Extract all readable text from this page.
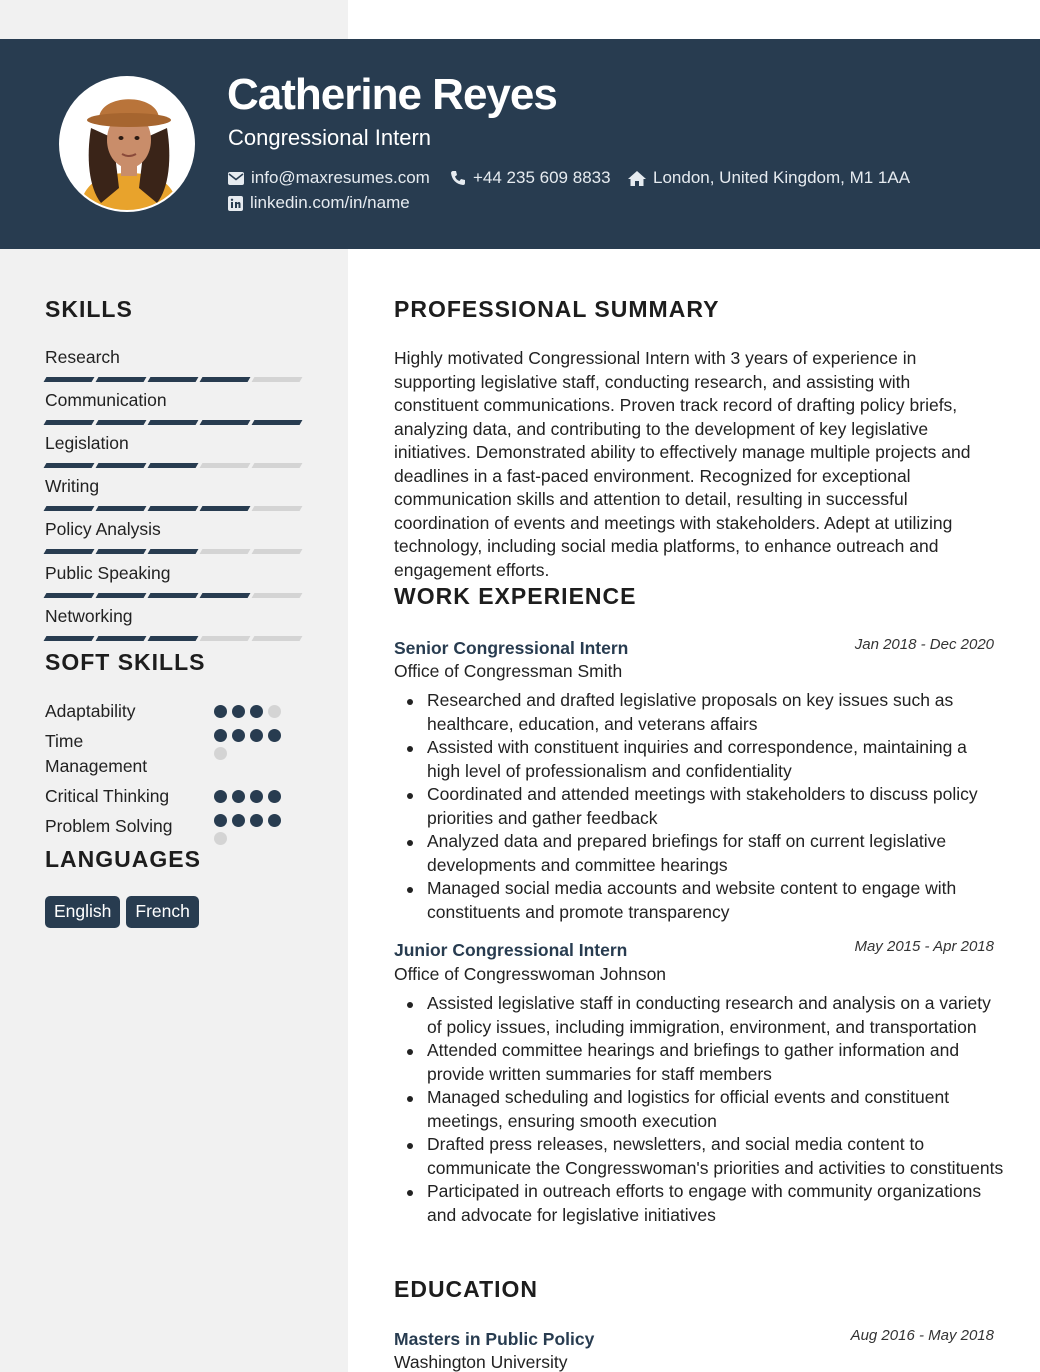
Catherine Reyes
Congressional Intern
info@maxresumes.com	+44 235 609 8833 London, United Kingdom, M1 1AA
linkedin.com/in/name
SKILLS
Research
Communication
Legislation
Writing
Policy Analysis
Public Speaking
Networking
SOFT SKILLS
Adaptability
Time Management
Critical Thinking
Problem Solving
LANGUAGES
English	French
PROFESSIONAL SUMMARY
Highly motivated Congressional Intern with 3 years of experience in supporting legislative staff, conducting research, and assisting with constituent communications. Proven track record of drafting policy briefs, analyzing data, and contributing to the development of key legislative initiatives. Demonstrated ability to effectively manage multiple projects and deadlines in a fast-paced environment. Recognized for exceptional communication skills and attention to detail, resulting in successful coordination of events and meetings with stakeholders. Adept at utilizing technology, including social media platforms, to enhance outreach and engagement efforts.
WORK EXPERIENCE
Senior Congressional Intern	Jan 2018 - Dec 2020
Office of Congressman Smith
Researched and drafted legislative proposals on key issues such as healthcare, education, and veterans affairs
Assisted with constituent inquiries and correspondence, maintaining a high level of professionalism and confidentiality
Coordinated and attended meetings with stakeholders to discuss policy priorities and gather feedback
Analyzed data and prepared briefings for staff on current legislative developments and committee hearings
Managed social media accounts and website content to engage with constituents and promote transparency
Junior Congressional Intern	May 2015 - Apr 2018
Office of Congresswoman Johnson
Assisted legislative staff in conducting research and analysis on a variety of policy issues, including immigration, environment, and transportation
Attended committee hearings and briefings to gather information and provide written summaries for staff members
Managed scheduling and logistics for official events and constituent meetings, ensuring smooth execution
Drafted press releases, newsletters, and social media content to communicate the Congresswoman's priorities and activities to constituents
Participated in outreach efforts to engage with community organizations and advocate for legislative initiatives
EDUCATION
Masters in Public Policy	Aug 2016 - May 2018
Washington University
